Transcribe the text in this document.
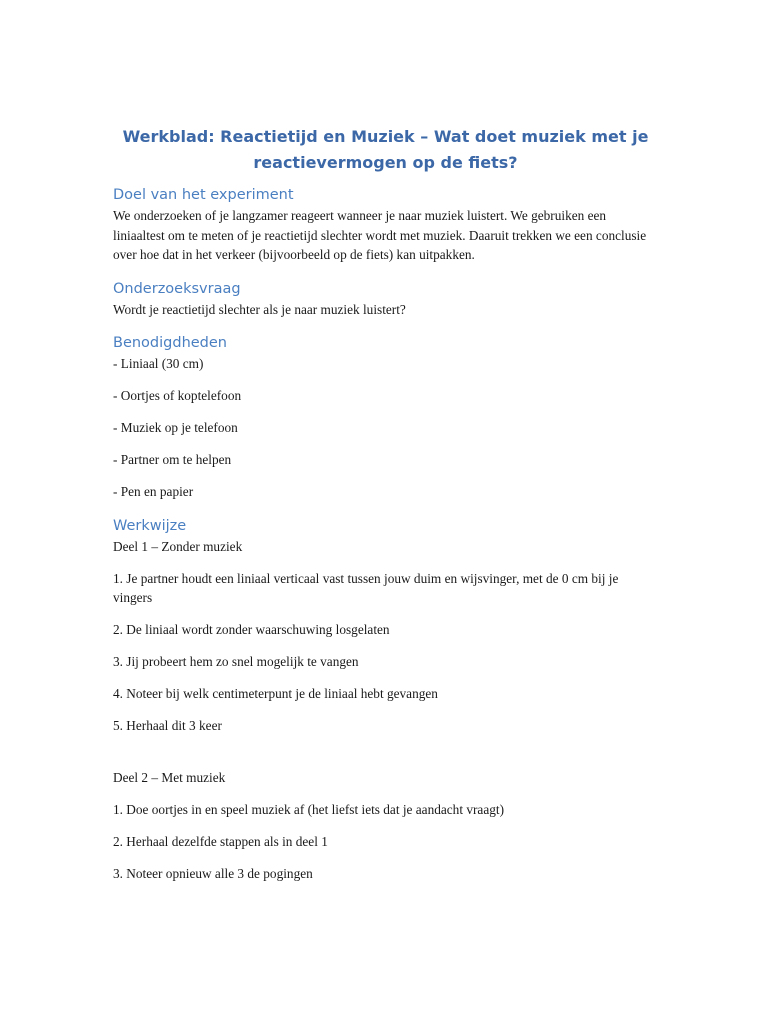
Werkblad: Reactietijd en Muziek – Wat doet muziek met je
reactievermogen op de fiets?
Doel van het experiment

We onderzoeken of je langzamer reageert wanneer je naar muziek luistert. We gebruiken een liniaaltest om te meten of je reactietijd slechter wordt met muziek. Daaruit trekken we een conclusie over hoe dat in het verkeer (bijvoorbeeld op de fiets) kan uitpakken.

Onderzoeksvraag

Wordt je reactietijd slechter als je naar muziek luistert?

Benodigdheden

- Liniaal (30 cm)

- Oortjes of koptelefoon

- Muziek op je telefoon

- Partner om te helpen

- Pen en papier

Werkwijze

Deel 1 – Zonder muziek

1. Je partner houdt een liniaal verticaal vast tussen jouw duim en wijsvinger, met de 0 cm bij je vingers

2. De liniaal wordt zonder waarschuwing losgelaten

3. Jij probeert hem zo snel mogelijk te vangen

4. Noteer bij welk centimeterpunt je de liniaal hebt gevangen

5. Herhaal dit 3 keer

Deel 2 – Met muziek

1. Doe oortjes in en speel muziek af (het liefst iets dat je aandacht vraagt)

2. Herhaal dezelfde stappen als in deel 1

3. Noteer opnieuw alle 3 de pogingen
